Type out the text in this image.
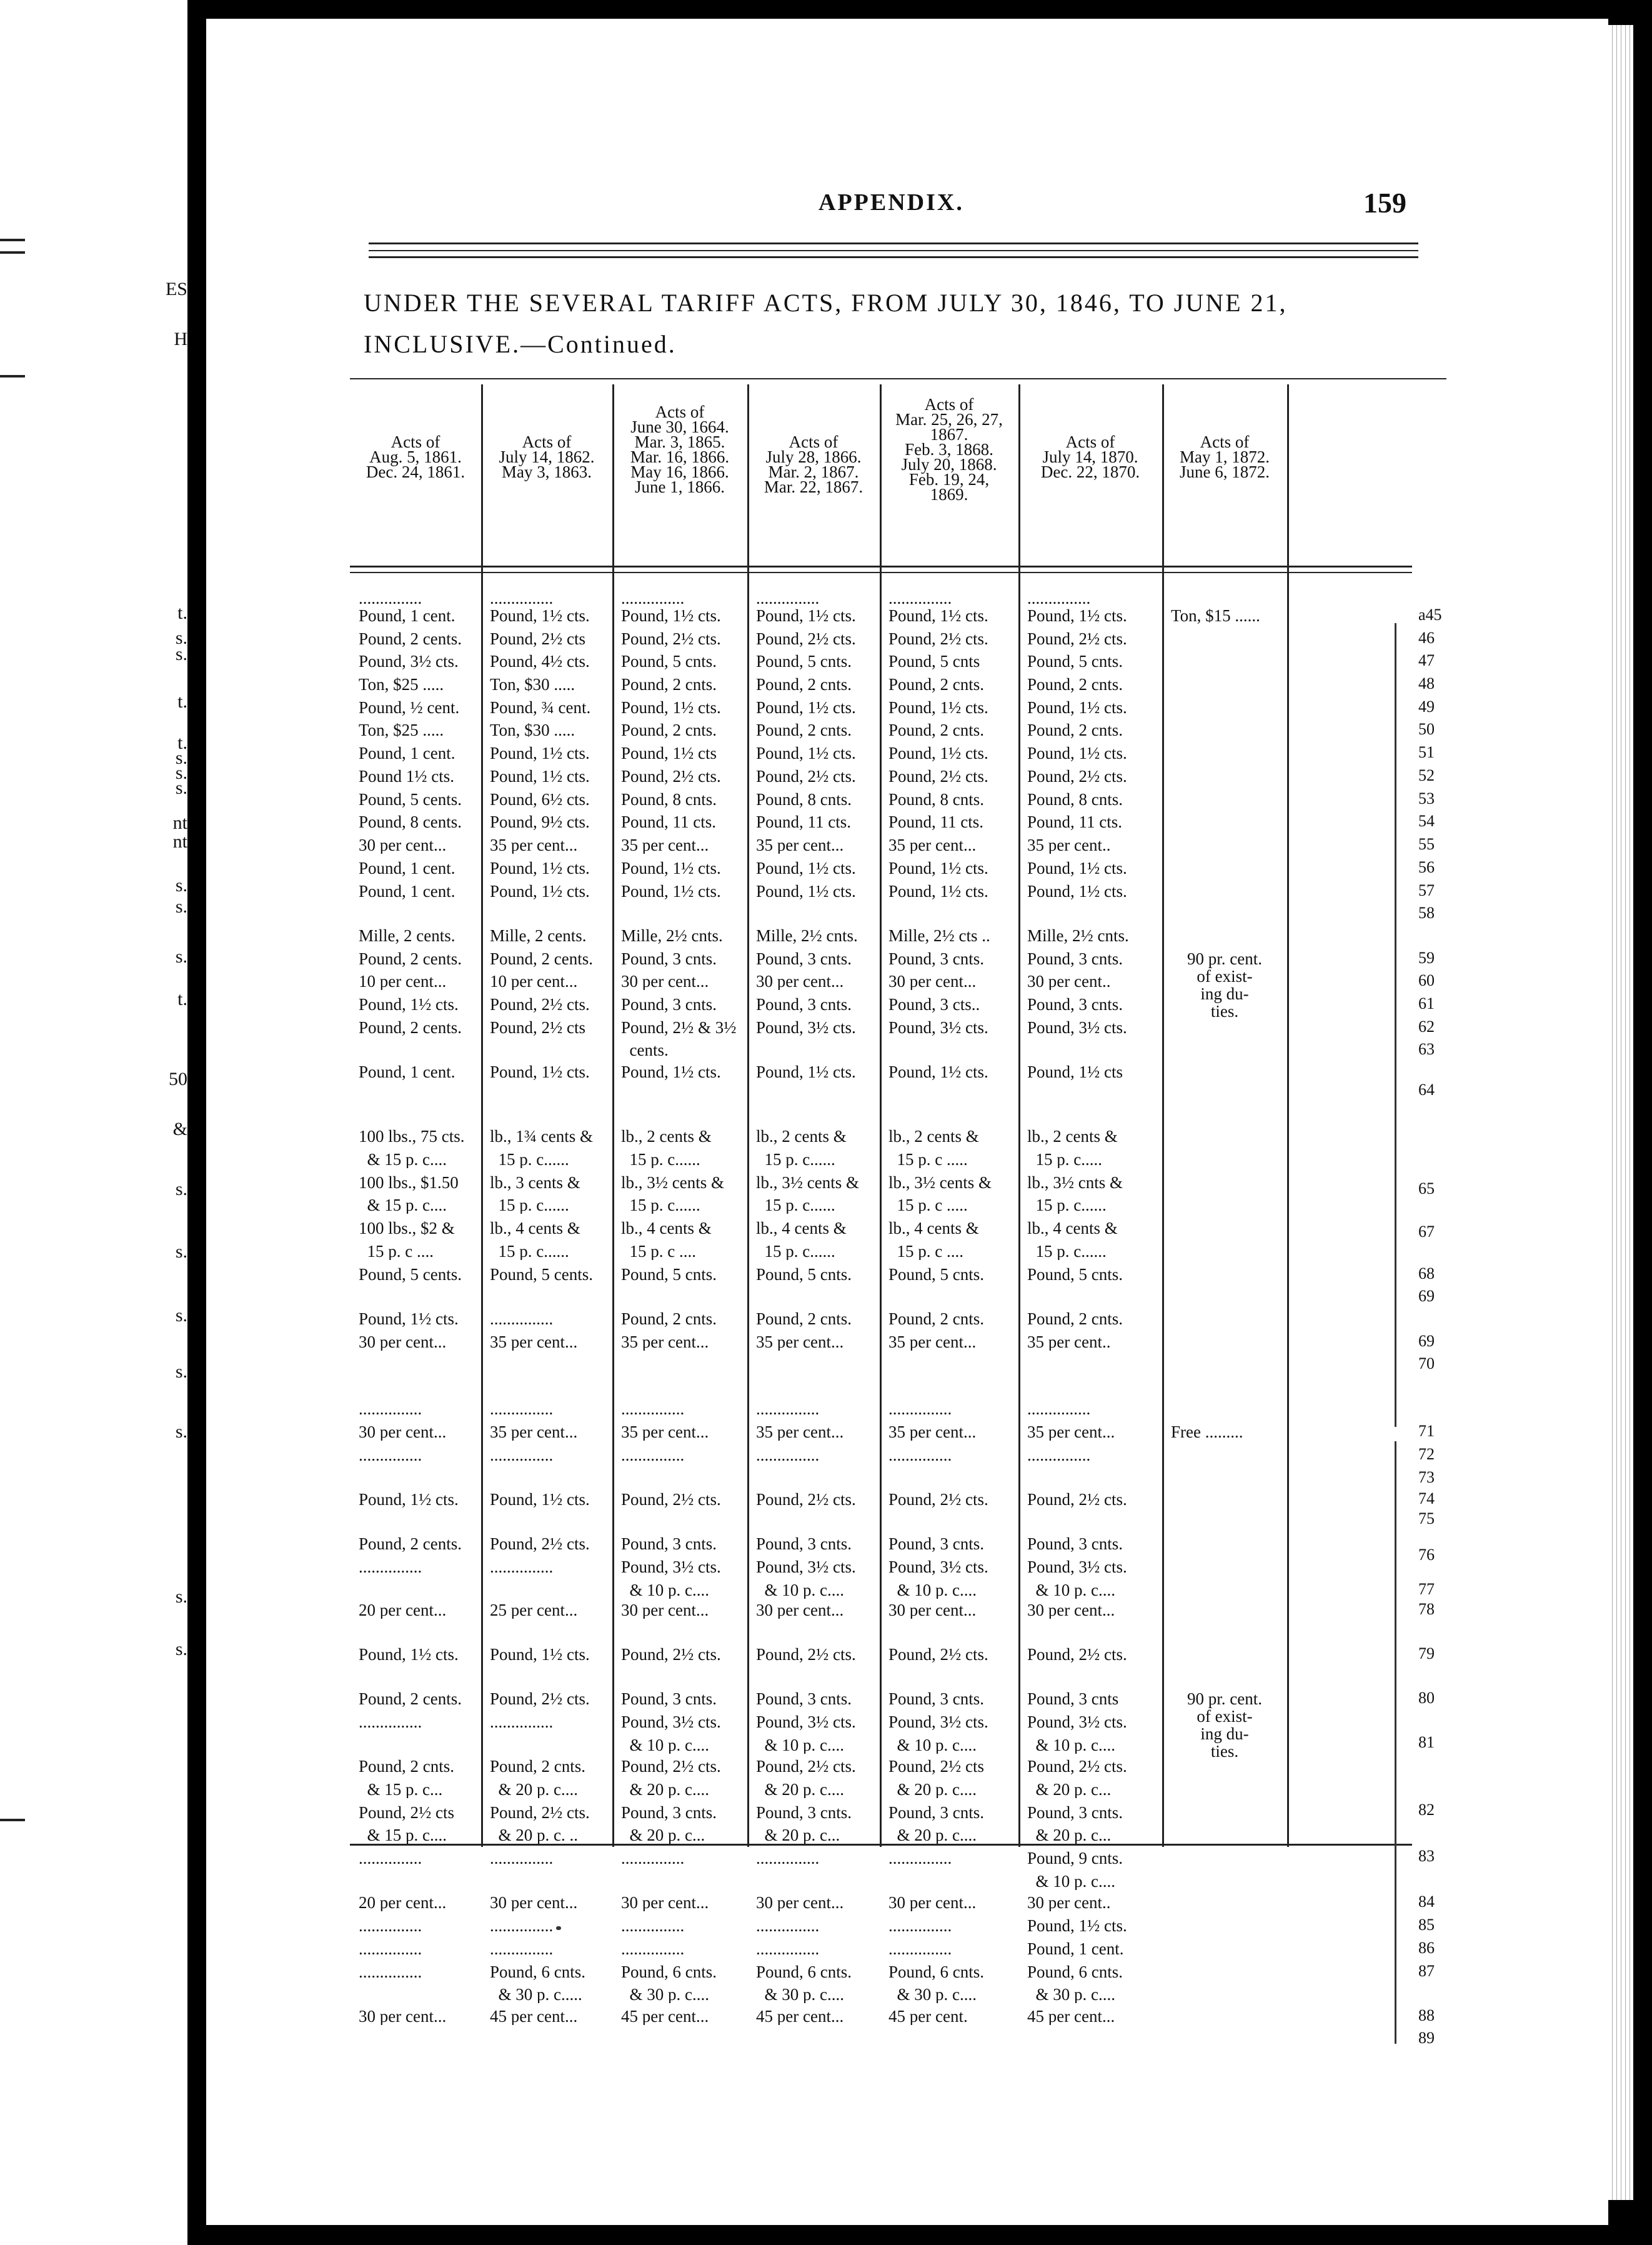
ES
H
t.
s.
s.
t.
t.
s.
s.
s.
nt
nt
s.
s.
s.
t.
50
&
s.
s.
s.
s.
s.
s.
s.
APPENDIX.	159
UNDER THE SEVERAL TARIFF ACTS, FROM JULY 30, 1846, TO JUNE 21,
INCLUSIVE.—Continued.
Acts of
Aug. 5, 1861.
Dec. 24, 1861.
Acts of
July 14, 1862.
May 3, 1863.
Acts of
June 30, 1664.
Mar. 3, 1865.
Mar. 16, 1866.
May 16, 1866.
June 1, 1866.
Acts of
July 28, 1866.
Mar. 2, 1867.
Mar. 22, 1867.
Acts of
Mar. 25, 26, 27,
1867.
Feb. 3, 1868.
July 20, 1868.
Feb. 19, 24,
1869.
Acts of
July 14, 1870.
Dec. 22, 1870.
Acts of
May 1, 1872.
June 6, 1872.
...............
Pound, 1 cent.
Pound, 2 cents.
Pound, 3½ cts.
Ton, $25 .....
Pound, ½ cent.
Ton, $25 .....
Pound, 1 cent.
Pound 1½ cts.
Pound, 5 cents.
Pound, 8 cents.
30 per cent...
Pound, 1 cent.
Pound, 1 cent.
Mille, 2 cents.
Pound, 2 cents.
10 per cent...
Pound, 1½ cts.
Pound, 2 cents.
Pound, 1 cent.
100 lbs., 75 cts.
& 15 p. c....
100 lbs., $1.50
& 15 p. c....
100 lbs., $2 &
15 p. c ....
Pound, 5 cents.
Pound, 1½ cts.
30 per cent...
...............
30 per cent...
...............
Pound, 1½ cts.
Pound, 2 cents.
...............
20 per cent...
Pound, 1½ cts.
Pound, 2 cents.
...............
Pound, 2 cnts.
& 15 p. c...
Pound, 2½ cts
& 15 p. c....
...............
20 per cent...
...............
...............
...............
30 per cent...
...............
Pound, 1½ cts.
Pound, 2½ cts
Pound, 4½ cts.
Ton, $30 .....
Pound, ¾ cent.
Ton, $30 .....
Pound, 1½ cts.
Pound, 1½ cts.
Pound, 6½ cts.
Pound, 9½ cts.
35 per cent...
Pound, 1½ cts.
Pound, 1½ cts.
Mille, 2 cents.
Pound, 2 cents.
10 per cent...
Pound, 2½ cts.
Pound, 2½ cts
Pound, 1½ cts.
lb., 1¾ cents &
15 p. c......
lb., 3 cents &
15 p. c......
lb., 4 cents &
15 p. c......
Pound, 5 cents.
...............
35 per cent...
...............
35 per cent...
...............
Pound, 1½ cts.
Pound, 2½ cts.
...............
25 per cent...
Pound, 1½ cts.
Pound, 2½ cts.
...............
Pound, 2 cnts.
& 20 p. c....
Pound, 2½ cts.
& 20 p. c. ..
...............
30 per cent...
...............
...............
Pound, 6 cnts.
& 30 p. c.....
45 per cent...
...............
Pound, 1½ cts.
Pound, 2½ cts.
Pound, 5 cnts.
Pound, 2 cnts.
Pound, 1½ cts.
Pound, 2 cnts.
Pound, 1½ cts
Pound, 2½ cts.
Pound, 8 cnts.
Pound, 11 cts.
35 per cent...
Pound, 1½ cts.
Pound, 1½ cts.
Mille, 2½ cnts.
Pound, 3 cnts.
30 per cent...
Pound, 3 cnts.
Pound, 2½ & 3½
cents.
Pound, 1½ cts.
lb., 2 cents &
15 p. c......
lb., 3½ cents &
15 p. c......
lb., 4 cents &
15 p. c ....
Pound, 5 cnts.
Pound, 2 cnts.
35 per cent...
...............
35 per cent...
...............
Pound, 2½ cts.
Pound, 3 cnts.
Pound, 3½ cts.
& 10 p. c....
30 per cent...
Pound, 2½ cts.
Pound, 3 cnts.
Pound, 3½ cts.
& 10 p. c....
Pound, 2½ cts.
& 20 p. c....
Pound, 3 cnts.
& 20 p. c...
...............
30 per cent...
...............
...............
Pound, 6 cnts.
& 30 p. c....
45 per cent...
...............
Pound, 1½ cts.
Pound, 2½ cts.
Pound, 5 cnts.
Pound, 2 cnts.
Pound, 1½ cts.
Pound, 2 cnts.
Pound, 1½ cts.
Pound, 2½ cts.
Pound, 8 cnts.
Pound, 11 cts.
35 per cent...
Pound, 1½ cts.
Pound, 1½ cts.
Mille, 2½ cnts.
Pound, 3 cnts.
30 per cent...
Pound, 3 cnts.
Pound, 3½ cts.
Pound, 1½ cts.
lb., 2 cents &
15 p. c......
lb., 3½ cents &
15 p. c......
lb., 4 cents &
15 p. c......
Pound, 5 cnts.
Pound, 2 cnts.
35 per cent...
...............
35 per cent...
...............
Pound, 2½ cts.
Pound, 3 cnts.
Pound, 3½ cts.
& 10 p. c....
30 per cent...
Pound, 2½ cts.
Pound, 3 cnts.
Pound, 3½ cts.
& 10 p. c....
Pound, 2½ cts.
& 20 p. c....
Pound, 3 cnts.
& 20 p. c...
...............
30 per cent...
...............
...............
Pound, 6 cnts.
& 30 p. c....
45 per cent...
...............
Pound, 1½ cts.
Pound, 2½ cts.
Pound, 5 cnts
Pound, 2 cnts.
Pound, 1½ cts.
Pound, 2 cnts.
Pound, 1½ cts.
Pound, 2½ cts.
Pound, 8 cnts.
Pound, 11 cts.
35 per cent...
Pound, 1½ cts.
Pound, 1½ cts.
Mille, 2½ cts ..
Pound, 3 cnts.
30 per cent...
Pound, 3 cts..
Pound, 3½ cts.
Pound, 1½ cts.
lb., 2 cents &
15 p. c .....
lb., 3½ cents &
15 p. c .....
lb., 4 cents &
15 p. c ....
Pound, 5 cnts.
Pound, 2 cnts.
35 per cent...
...............
35 per cent...
...............
Pound, 2½ cts.
Pound, 3 cnts.
Pound, 3½ cts.
& 10 p. c....
30 per cent...
Pound, 2½ cts.
Pound, 3 cnts.
Pound, 3½ cts.
& 10 p. c....
Pound, 2½ cts
& 20 p. c....
Pound, 3 cnts.
& 20 p. c....
...............
30 per cent...
...............
...............
Pound, 6 cnts.
& 30 p. c....
45 per cent.
...............
Pound, 1½ cts.
Pound, 2½ cts.
Pound, 5 cnts.
Pound, 2 cnts.
Pound, 1½ cts.
Pound, 2 cnts.
Pound, 1½ cts.
Pound, 2½ cts.
Pound, 8 cnts.
Pound, 11 cts.
35 per cent..
Pound, 1½ cts.
Pound, 1½ cts.
Mille, 2½ cnts.
Pound, 3 cnts.
30 per cent..
Pound, 3 cnts.
Pound, 3½ cts.
Pound, 1½ cts
lb., 2 cents &
15 p. c.....
lb., 3½ cnts &
15 p. c......
lb., 4 cents &
15 p. c......
Pound, 5 cnts.
Pound, 2 cnts.
35 per cent..
...............
35 per cent...
...............
Pound, 2½ cts.
Pound, 3 cnts.
Pound, 3½ cts.
& 10 p. c....
30 per cent...
Pound, 2½ cts.
Pound, 3 cnts
Pound, 3½ cts.
& 10 p. c....
Pound, 2½ cts.
& 20 p. c...
Pound, 3 cnts.
& 20 p. c...
Pound, 9 cnts.
& 10 p. c....
30 per cent..
Pound, 1½ cts.
Pound, 1 cent.
Pound, 6 cnts.
& 30 p. c....
45 per cent...
Ton, $15 ......
Free .........
90 pr. cent.
of exist-
ing du-
ties.
90 pr. cent.
of exist-
ing du-
ties.
a45
46
47
48
49
50
51
52
53
54
55
56
57
58
59
60
61
62
63
64
65
67
68
69
69
70
71
72
73
74
75
76
77
78
79
80
81
82
83
84
85
86
87
88
89
